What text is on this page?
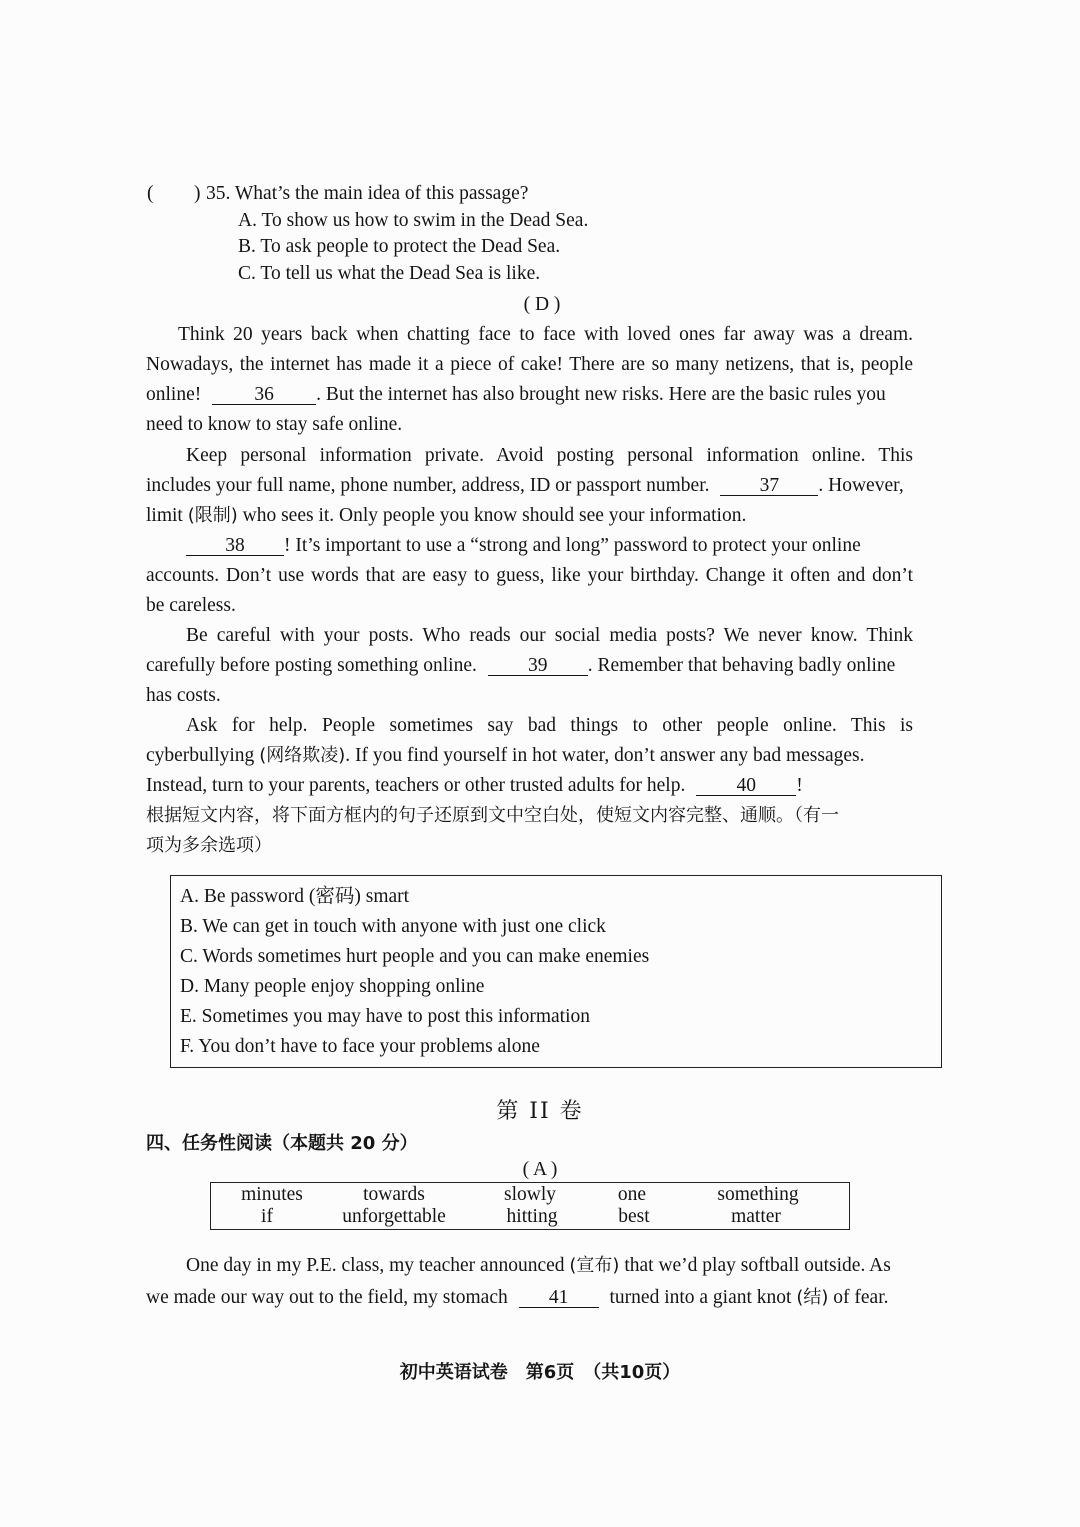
( ) 35. What’s the main idea of this passage?
A. To show us how to swim in the Dead Sea.
B. To ask people to protect the Dead Sea.
C. To tell us what the Dead Sea is like.
( D )
Think 20 years back when chatting face to face with loved ones far away was a dream.
Nowadays, the internet has made it a piece of cake! There are so many netizens, that is, people
online!	36 . But the internet has also brought new risks. Here are the basic rules you
need to know to stay safe online.
Keep personal information private. Avoid posting personal information online. This
includes your full name, phone number, address, ID or passport number.	37 . However,
limit (限制) who sees it. Only people you know should see your information.
38 ! It’s important to use a “strong and long” password to protect your online
accounts. Don’t use words that are easy to guess, like your birthday. Change it often and don’t
be careless.
Be careful with your posts. Who reads our social media posts? We never know. Think
carefully before posting something online.	39 . Remember that behaving badly online
has costs.
Ask for help. People sometimes say bad things to other people online. This is
cyberbullying (网络欺凌). If you find yourself in hot water, don’t answer any bad messages.
Instead, turn to your parents, teachers or other trusted adults for help.	40 !
根据短文内容，将下面方框内的句子还原到文中空白处，使短文内容完整、通顺。（有一
项为多余选项）
A. Be password (密码) smart
B. We can get in touch with anyone with just one click
C. Words sometimes hurt people and you can make enemies
D. Many people enjoy shopping online
E. Sometimes you may have to post this information
F. You don’t have to face your problems alone
第 II 卷
四、任务性阅读（本题共 20 分）
( A )
minutes	towards	slowly	one	something
if	unforgettable	hitting	best	matter
One day in my P.E. class, my teacher announced (宣布) that we’d play softball outside. As
we made our way out to the field, my stomach 41 turned into a giant knot (结) of fear.
初中英语试卷　第6页　（共10页）
